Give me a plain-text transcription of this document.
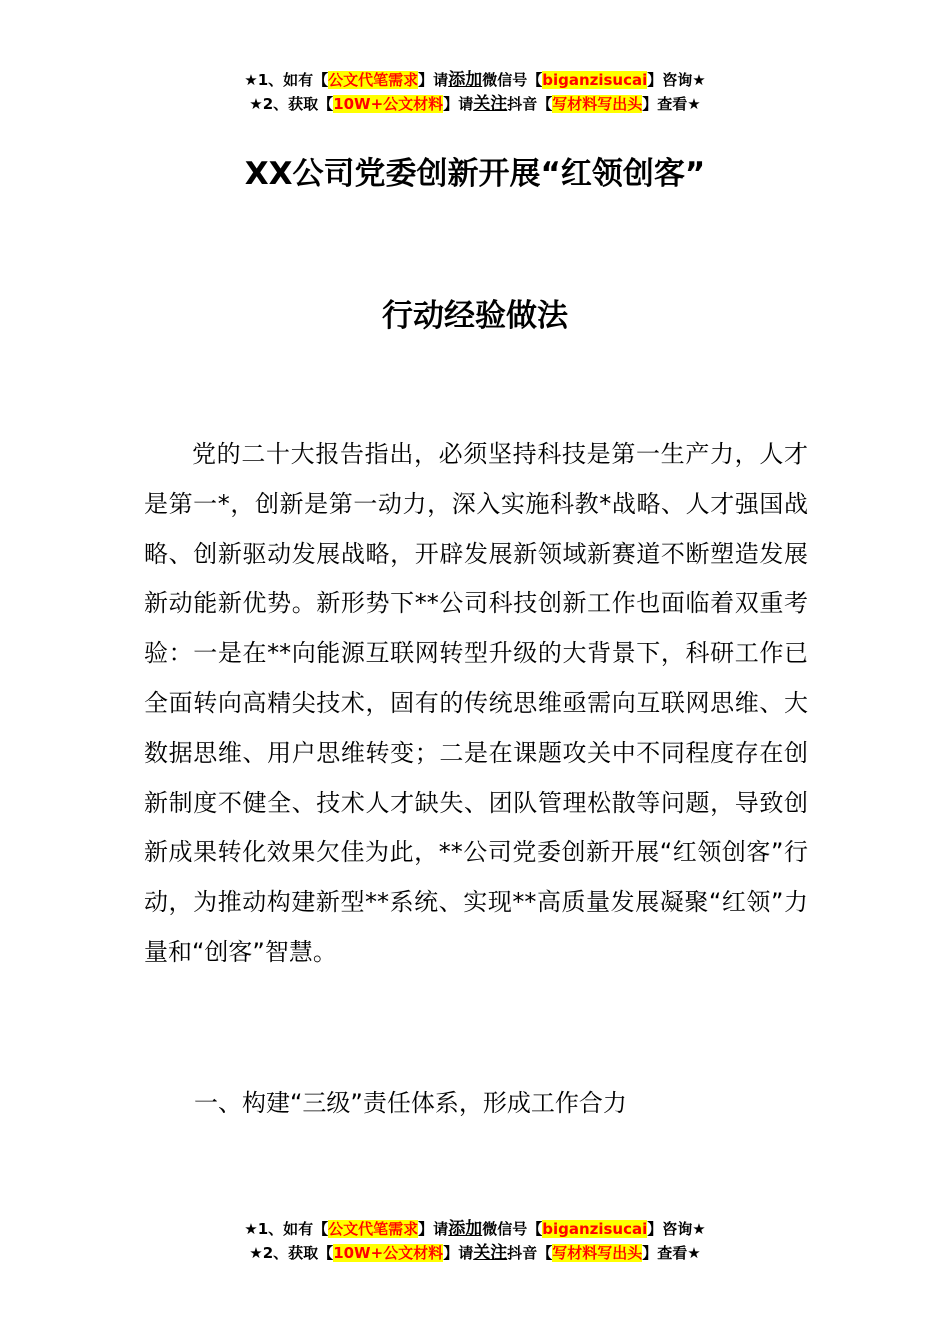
★1、如有【公文代笔需求】请添加微信号【biganzisucai】咨询★
★2、获取【10W+公文材料】请关注抖音【写材料写出头】查看★
XX公司党委创新开展“红领创客”
行动经验做法

党的二十大报告指出，必须坚持科技是第一生产力，人才是第一*，创新是第一动力，深入实施科教*战略、人才强国战略、创新驱动发展战略，开辟发展新领域新赛道不断塑造发展新动能新优势。新形势下**公司科技创新工作也面临着双重考验：一是在**向能源互联网转型升级的大背景下，科研工作已全面转向高精尖技术，固有的传统思维亟需向互联网思维、大数据思维、用户思维转变；二是在课题攻关中不同程度存在创新制度不健全、技术人才缺失、团队管理松散等问题，导致创新成果转化效果欠佳为此，**公司党委创新开展“红领创客”行动，为推动构建新型**系统、实现**高质量发展凝聚“红领”力量和“创客”智慧。

一、构建“三级”责任体系，形成工作合力
★1、如有【公文代笔需求】请添加微信号【biganzisucai】咨询★
★2、获取【10W+公文材料】请关注抖音【写材料写出头】查看★
